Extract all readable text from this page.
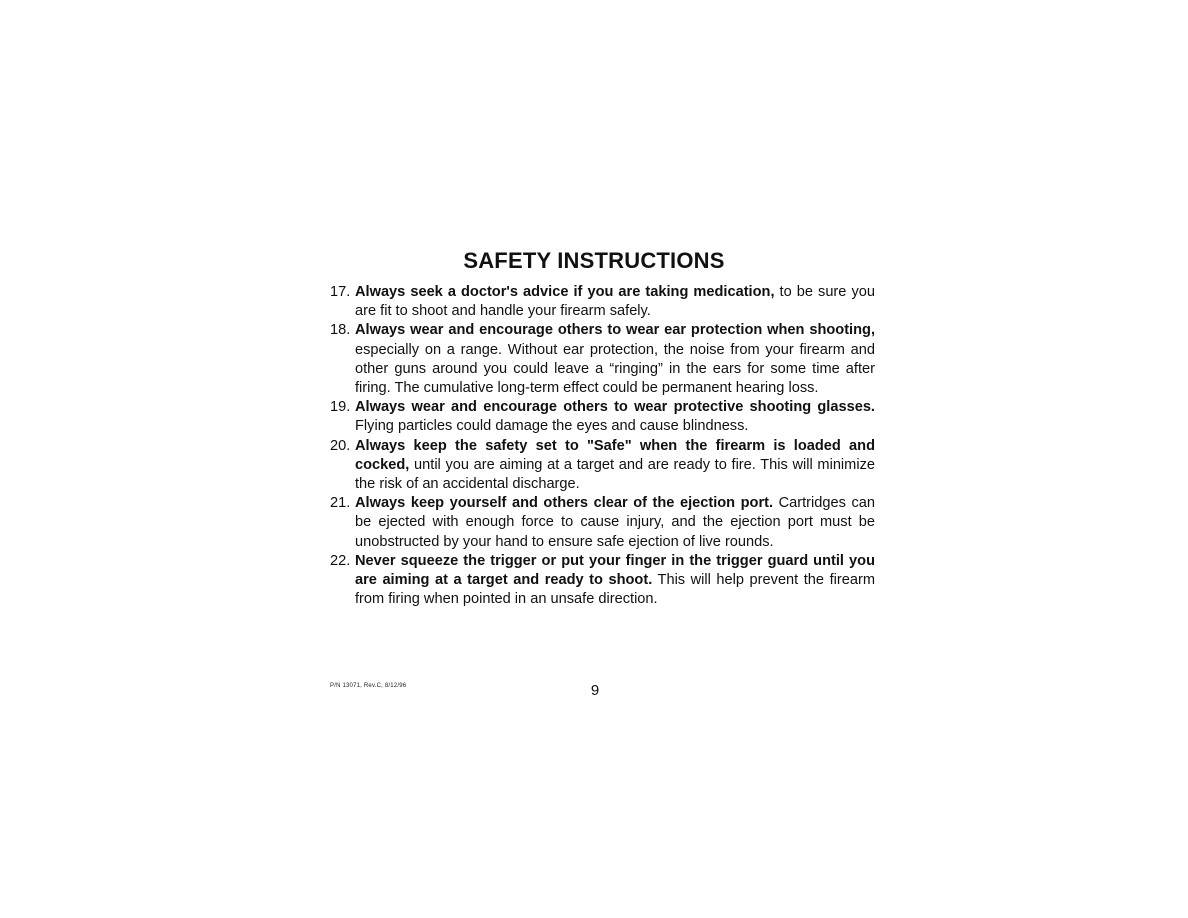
SAFETY INSTRUCTIONS
17. Always seek a doctor's advice if you are taking medication, to be sure you are fit to shoot and handle your firearm safely.
18. Always wear and encourage others to wear ear protection when shooting, especially on a range. Without ear protection, the noise from your firearm and other guns around you could leave a “ringing” in the ears for some time after firing. The cumulative long-term effect could be permanent hearing loss.
19. Always wear and encourage others to wear protective shooting glasses. Flying particles could damage the eyes and cause blindness.
20. Always keep the safety set to "Safe" when the firearm is loaded and cocked, until you are aiming at a target and are ready to fire. This will minimize the risk of an accidental discharge.
21. Always keep yourself and others clear of the ejection port. Cartridges can be ejected with enough force to cause injury, and the ejection port must be unobstructed by your hand to ensure safe ejection of live rounds.
22. Never squeeze the trigger or put your finger in the trigger guard until you are aiming at a target and ready to shoot. This will help prevent the firearm from firing when pointed in an unsafe direction.
P/N 13071, Rev.C, 8/12/96	9
